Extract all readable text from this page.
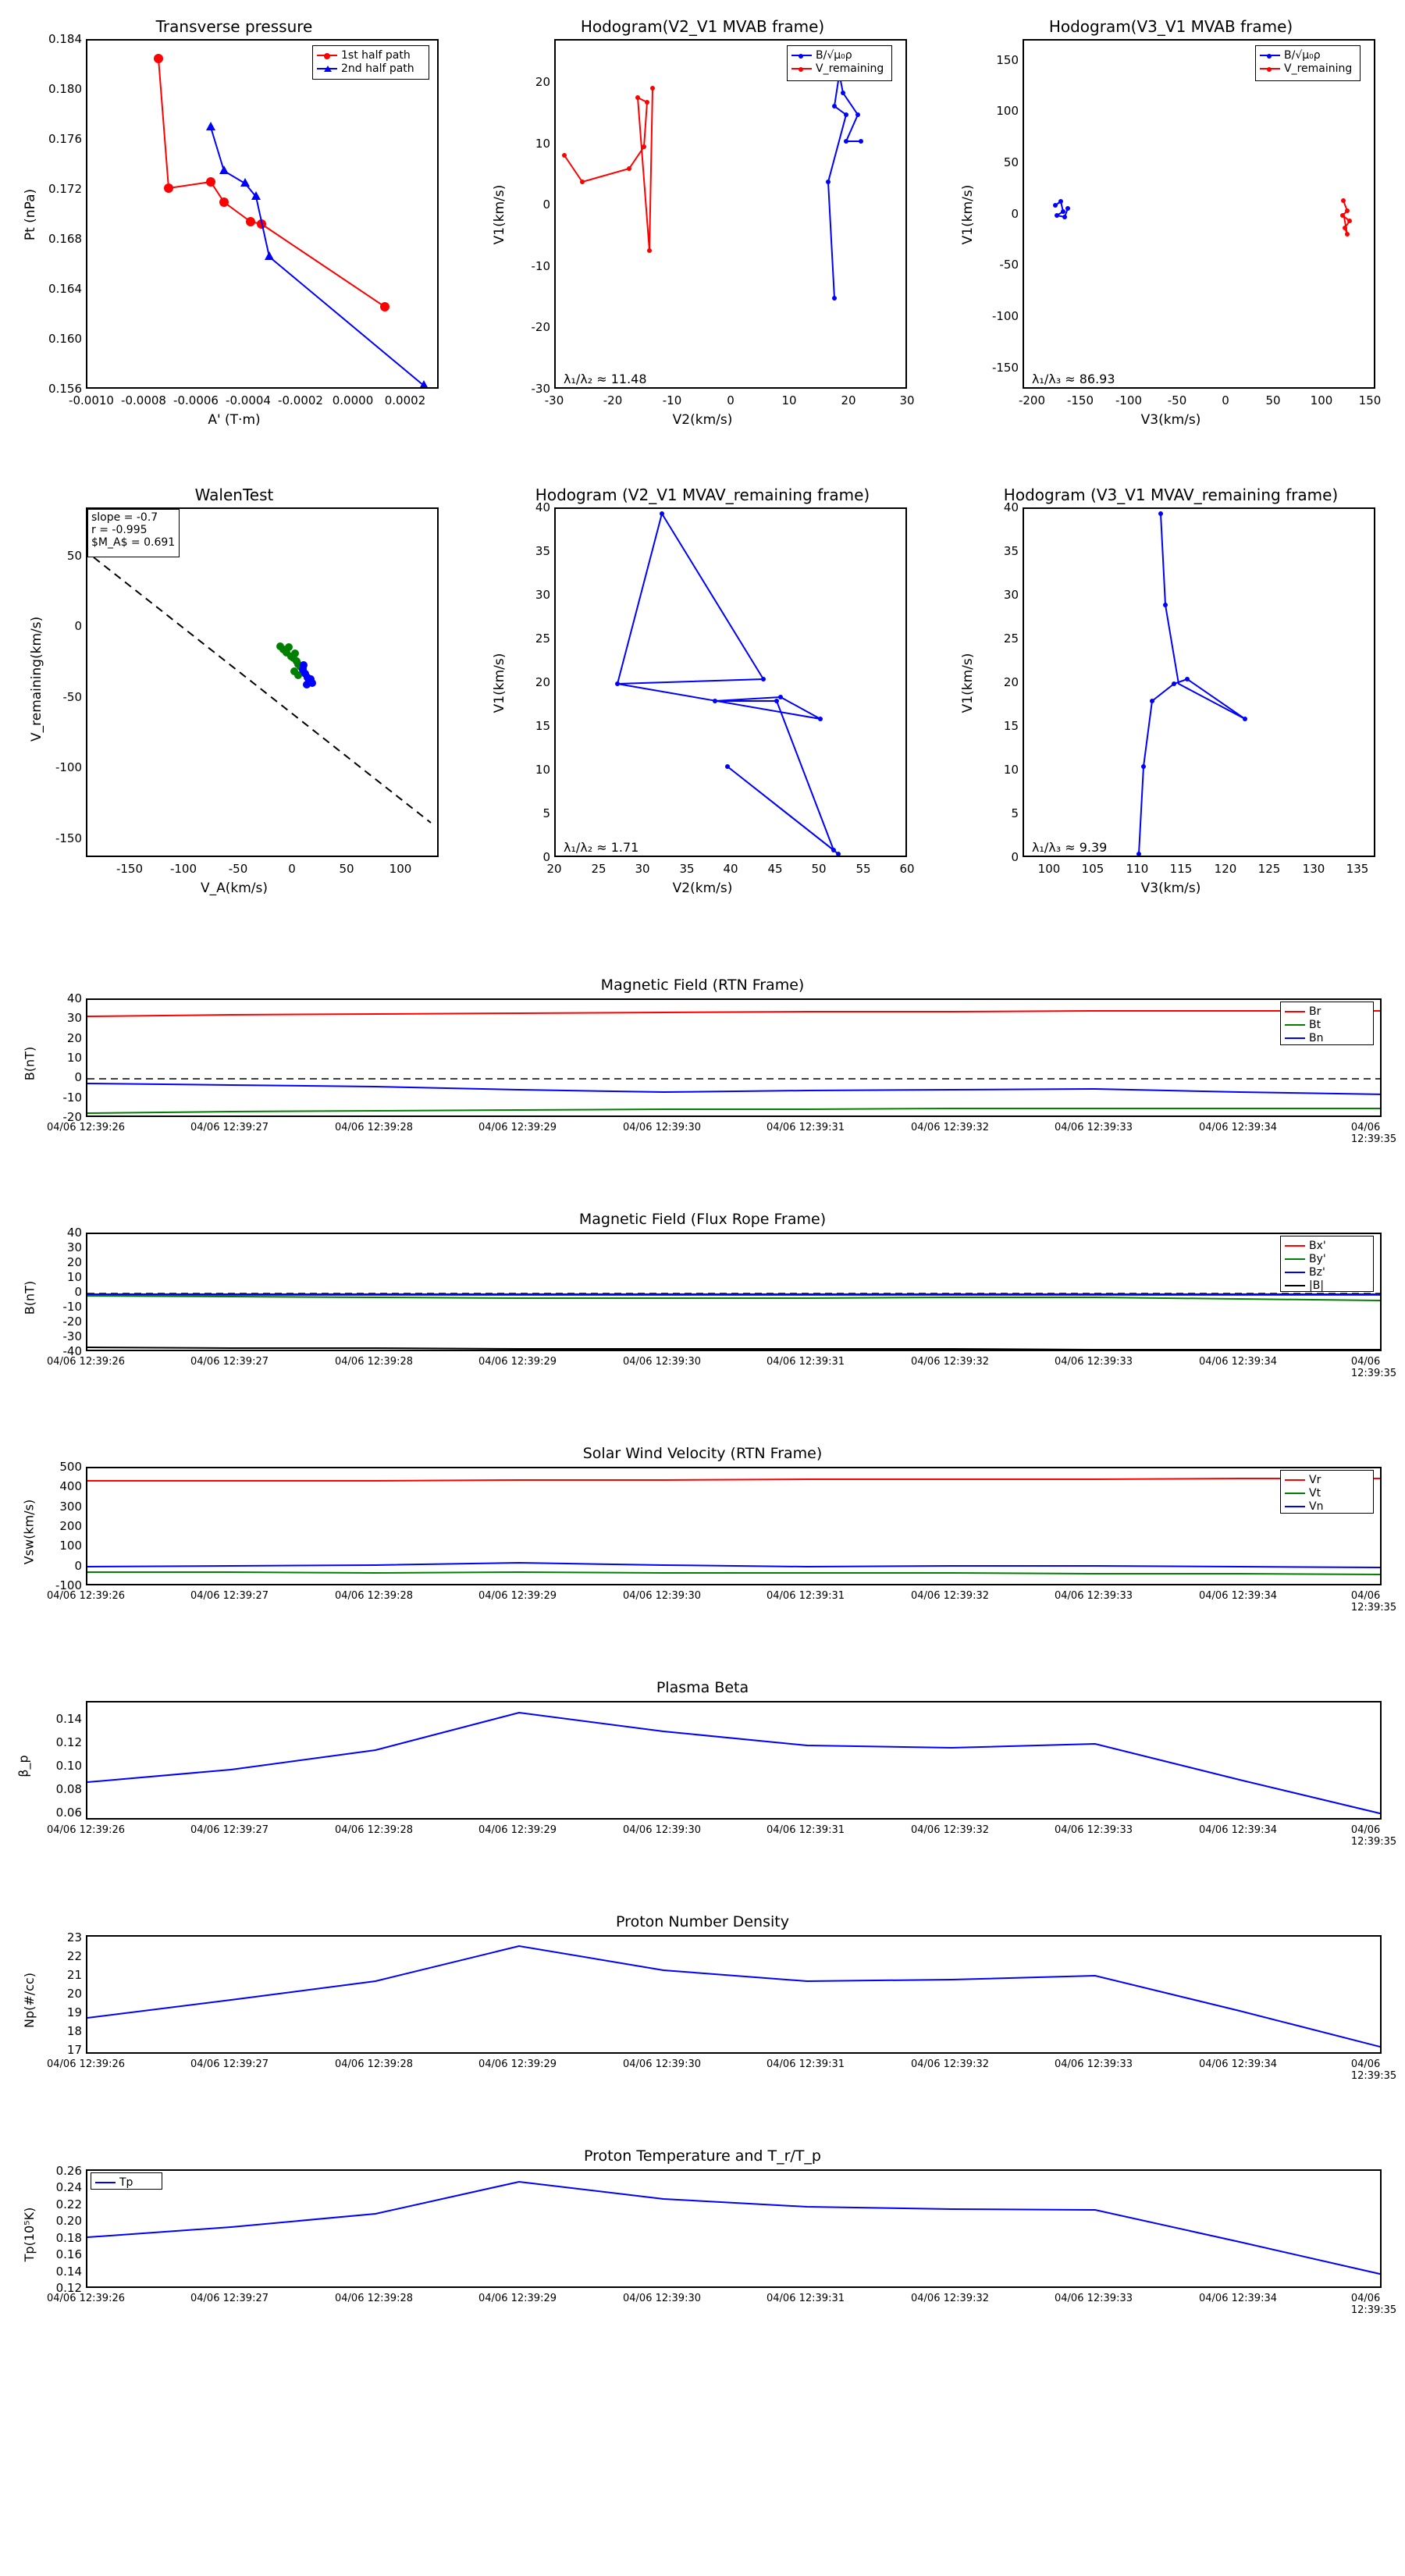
Transverse pressure
1st half path
2nd half path
0.156
0.160
0.164
0.168
0.172
0.176
0.180
0.184
-0.0010 -0.0008 -0.0006 -0.0004 -0.0002 0.0000 0.0002
A' (T·m)
Pt (nPa)
Hodogram(V2_V1 MVAB frame)
B/√μ₀ρ
V_remaining
-30
-20
-10
0
10
20
-30	-20	-10	0	10	20	30
V2(km/s)
V1(km/s)
λ₁/λ₂ ≈ 11.48
Hodogram(V3_V1 MVAB frame)
B/√μ₀ρ
V_remaining
-150
-100
-50
0
50
100
150
-200 -150 -100 -50	0	50	100 150
V3(km/s)
V1(km/s)
λ₁/λ₃ ≈ 86.93
WalenTest
slope = -0.7
r = -0.995
$M_A$ = 0.691
-150
-100
-50
0
50
-150 -100	-50	0	50	100
V_A(km/s)
V_remaining(km/s)
Hodogram (V2_V1 MVAV_remaining frame)
0
5
10
15
20
25
30
35
40
20	25 30	35 40	45 50	55 60
V2(km/s)
V1(km/s)
λ₁/λ₂ ≈ 1.71
Hodogram (V3_V1 MVAV_remaining frame)
0
5
10
15
20
25
30
35
40
100 105 110 115 120 125 130 135
V3(km/s)
V1(km/s)
λ₁/λ₃ ≈ 9.39
Magnetic Field (RTN Frame)
Br
Bt
Bn
-20
-10
0
10
20
30
40
B(nT)
04/06 12:39:26	04/06 12:39:27	04/06 12:39:28	04/06 12:39:29	04/06 12:39:30	04/06 12:39:31	04/06 12:39:32	04/06 12:39:33	04/06 12:39:34	04/06 12:39:35
Magnetic Field (Flux Rope Frame)
Bx'
By'
Bz'
|B|
-40
-30
-20
-10
0
10
20
30
40
B(nT)
04/06 12:39:26	04/06 12:39:27	04/06 12:39:28	04/06 12:39:29	04/06 12:39:30	04/06 12:39:31	04/06 12:39:32	04/06 12:39:33	04/06 12:39:34	04/06 12:39:35
Solar Wind Velocity (RTN Frame)
Vr
Vt
Vn
-100
0
100
200
300
400
500
Vsw(km/s)
04/06 12:39:26	04/06 12:39:27	04/06 12:39:28	04/06 12:39:29	04/06 12:39:30	04/06 12:39:31	04/06 12:39:32	04/06 12:39:33	04/06 12:39:34	04/06 12:39:35
Plasma Beta
0.06
0.08
0.10
0.12
0.14
β_p
04/06 12:39:26	04/06 12:39:27	04/06 12:39:28	04/06 12:39:29	04/06 12:39:30	04/06 12:39:31	04/06 12:39:32	04/06 12:39:33	04/06 12:39:34	04/06 12:39:35
Proton Number Density
17
18
19
20
21
22
23
Np(#/cc)
04/06 12:39:26	04/06 12:39:27	04/06 12:39:28	04/06 12:39:29	04/06 12:39:30	04/06 12:39:31	04/06 12:39:32	04/06 12:39:33	04/06 12:39:34	04/06 12:39:35
Proton Temperature and T_r/T_p
Tp
0.12
0.14
0.16
0.18
0.20
0.22
0.24
0.26
Tp(10⁵K)
04/06 12:39:26	04/06 12:39:27	04/06 12:39:28	04/06 12:39:29	04/06 12:39:30	04/06 12:39:31	04/06 12:39:32	04/06 12:39:33	04/06 12:39:34	04/06 12:39:35
